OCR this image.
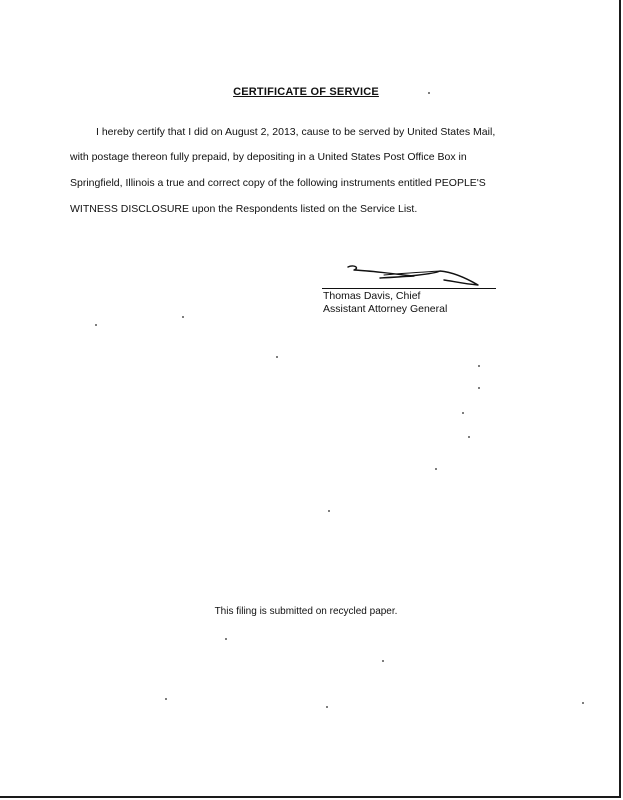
CERTIFICATE OF SERVICE

I hereby certify that I did on August 2, 2013, cause to be served by United States Mail,

with postage thereon fully prepaid, by depositing in a United States Post Office Box in

Springfield, Illinois a true and correct copy of the following instruments entitled PEOPLE'S

WITNESS DISCLOSURE upon the Respondents listed on the Service List.

Thomas Davis, Chief

Assistant Attorney General

This filing is submitted on recycled paper.
